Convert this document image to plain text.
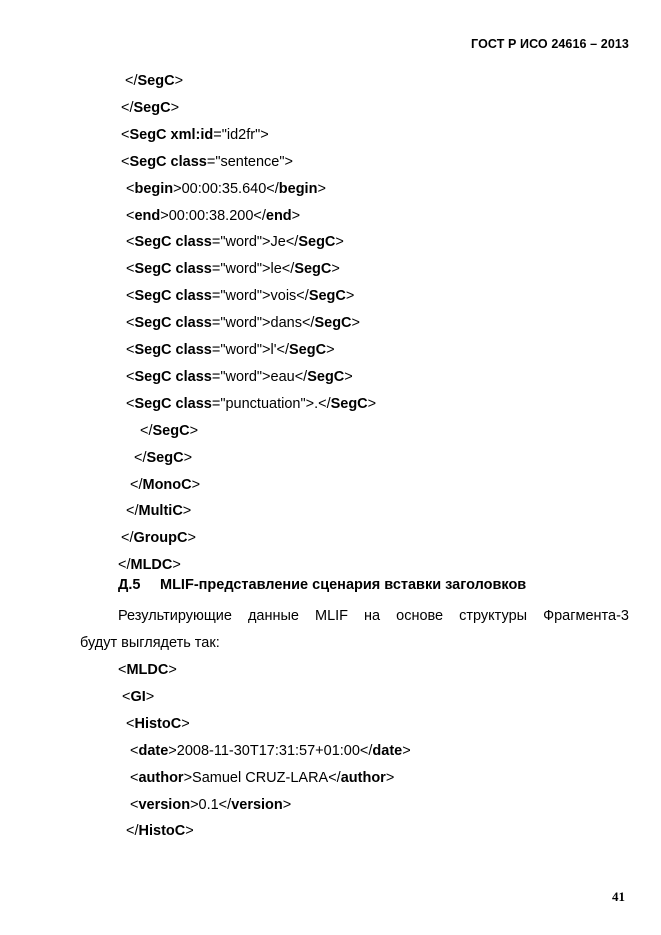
ГОСТ Р ИСО 24616 – 2013
</SegC>
</SegC>
<SegC xml:id="id2fr">
<SegC class="sentence">
<begin>00:00:35.640</begin>
<end>00:00:38.200</end>
<SegC class="word">Je</SegC>
<SegC class="word">le</SegC>
<SegC class="word">vois</SegC>
<SegC class="word">dans</SegC>
<SegC class="word">l'</SegC>
<SegC class="word">eau</SegC>
<SegC class="punctuation">.</SegC>
</SegC>
</SegC>
</MonoC>
</MultiC>
</GroupC>
</MLDC>
Д.5 MLIF-представление сценария вставки заголовков
Результирующие данные MLIF на основе структуры Фрагмента-3
будут выглядеть так:
<MLDC>
<GI>
<HistoC>
<date>2008-11-30T17:31:57+01:00</date>
<author>Samuel CRUZ-LARA</author>
<version>0.1</version>
</HistoC>
41
